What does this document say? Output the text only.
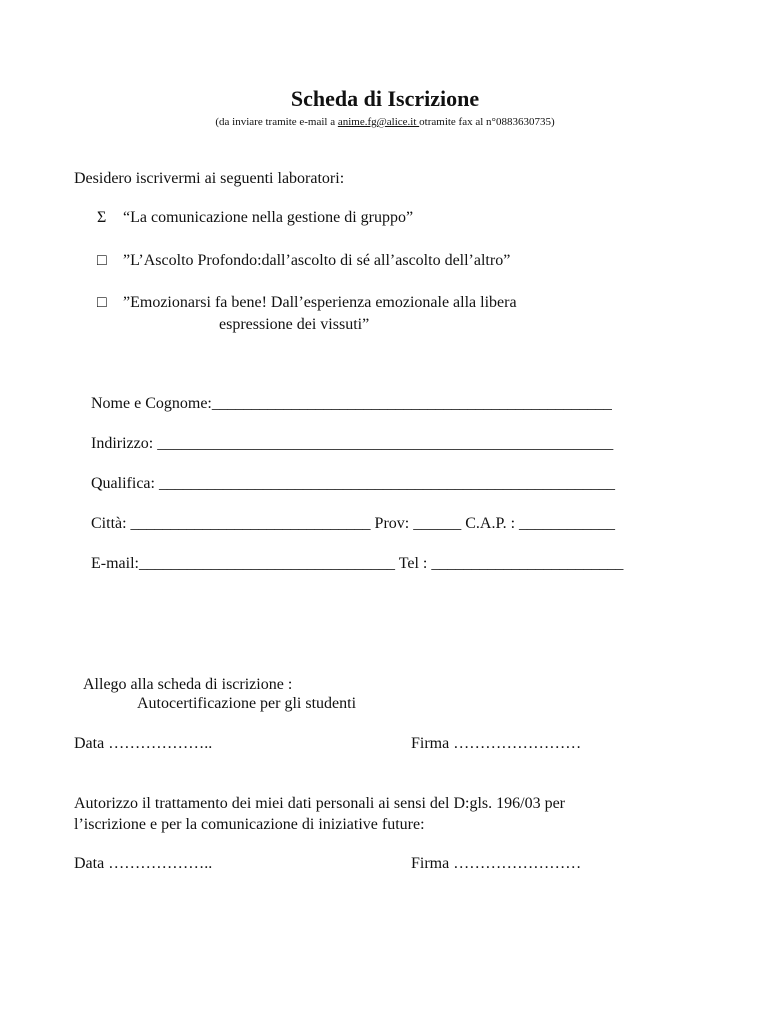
Scheda di Iscrizione
(da inviare tramite e-mail a anime.fg@alice.it otramite fax al n°0883630735)
Desidero iscrivermi ai seguenti laboratori:
Σ “La comunicazione nella gestione di gruppo”
□ ”L’Ascolto Profondo:dall’ascolto di sé all’ascolto dell’altro”
□ ”Emozionarsi fa bene! Dall’esperienza emozionale alla libera
espressione dei vissuti”
Nome e Cognome:__________________________________________________
Indirizzo: _________________________________________________________
Qualifica: _________________________________________________________
Città: ______________________________ Prov: ______ C.A.P. : ____________
E-mail:________________________________ Tel : ________________________
Allego alla scheda di iscrizione :
Autocertificazione per gli studenti
Data ………………..	Firma ……………………
Autorizzo il trattamento dei miei dati personali ai sensi del D:gls. 196/03 per
l’iscrizione e per la comunicazione di iniziative future:
Data ………………..	Firma ……………………
